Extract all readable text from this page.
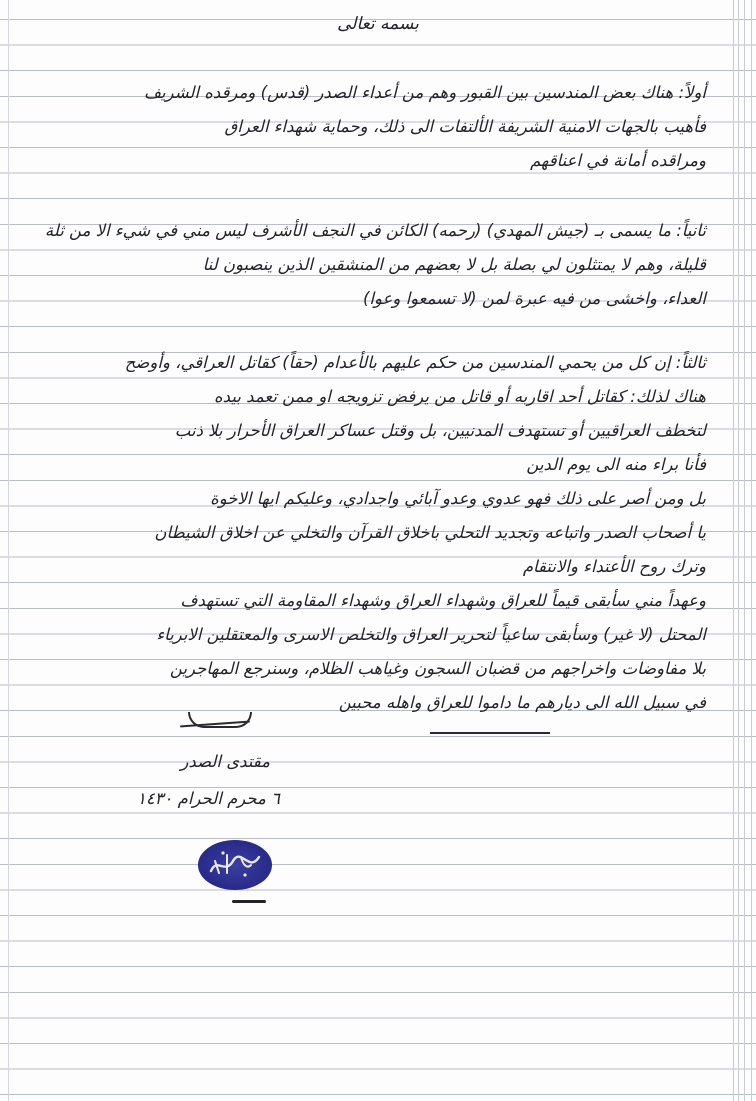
بسمه تعالى
أولاً: هناك بعض المندسين بين القبور وهم من أعداء الصدر (قدس) ومرقده الشريف
فأهيب بالجهات الامنية الشريفة الألتفات الى ذلك، وحماية شهداء العراق
ومراقده أمانة في اعناقهم
ثانياً: ما يسمى بـ (جيش المهدي) (رحمه) الكائن في النجف الأشرف ليس مني في شيء الا من ثلة
قليلة، وهم لا يمتثلون لي بصلة بل لا بعضهم من المنشقين الذين ينصبون لنا
العداء، واخشى من فيه عبرة لمن (لا تسمعوا وعوا)
ثالثاً: إن كل من يحمي المندسين من حكم عليهم بالأعدام (حقاً) كقاتل العراقي، وأوضح
هناك لذلك: كقاتل أحد اقاربه أو قاتل من يرفض تزويجه او ممن تعمد بيده
لتخطف العراقيين أو تستهدف المدنيين، بل وقتل عساكر العراق الأحرار بلا ذنب
فأنا براء منه الى يوم الدين
بل ومن أصر على ذلك فهو عدوي وعدو آبائي واجدادي، وعليكم ايها الاخوة
يا أصحاب الصدر واتباعه وتجديد التحلي باخلاق القرآن والتخلي عن اخلاق الشيطان
وترك روح الأعتداء والانتقام
وعهداً مني سأبقى قيماً للعراق وشهداء العراق وشهداء المقاومة التي تستهدف
المحتل (لا غير) وسأبقى ساعياً لتحرير العراق والتخلص الاسرى والمعتقلين الابرياء
بلا مفاوضات واخراجهم من قضبان السجون وغياهب الظلام، وسنرجع المهاجرين
في سبيل الله الى ديارهم ما داموا للعراق واهله محبين
مقتدى الصدر
٦ محرم الحرام ١٤٣٠
